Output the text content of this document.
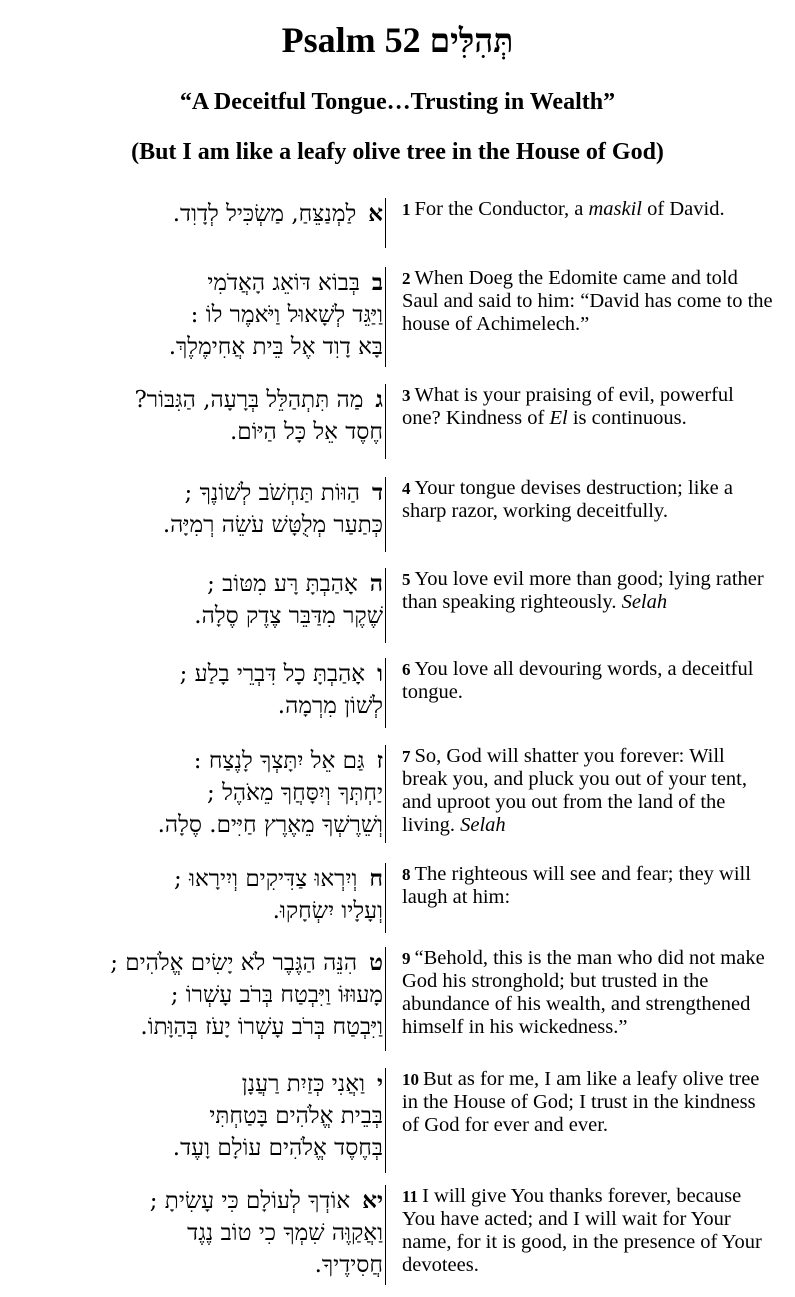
Psalm 52 תְּהִלִּים
“A Deceitful Tongue…Trusting in Wealth”
(But I am like a leafy olive tree in the House of God)
אלַמְנַצֵּחַ, מַשְׂכִּיל לְדָוִד.	1 For the Conductor, a maskil of David.
בבְּבוֹא דּוֹאֵג הָאֲדֹמִי
וַיַּגֵּד לְשָׁאוּל וַיֹּאמֶר לוֹ :
בָּא דָוִד אֶל בֵּית אֲחִימֶלֶךְ.
2 When Doeg the Edomite came and told Saul and said to him: “David has come to the house of Achimelech.”
גמַה תִּתְהַלֵּל בְּרָעָה, הַגִּבּוֹר?
חֶסֶד אֵל כָּל הַיּוֹם.
3 What is your praising of evil, powerful one? Kindness of El is continuous.
דהַוּוֹת תַּחְשֹׁב לְשׁוֹנֶךָ ;
כְּתַעַר מְלֻטָּשׁ עֹשֵׂה רְמִיָּה.
4 Your tongue devises destruction; like a sharp razor, working deceitfully.
האָהַבְתָּ רָּע מִטּוֹב ;
שֶׁקֶר מִדַּבֵּר צֶדֶק סֶלָה.
5 You love evil more than good; lying rather than speaking righteously. Selah
ואָהַבְתָּ כָל דִּבְרֵי בָלַע ;
לְשׁוֹן מִרְמָה.
6 You love all devouring words, a deceitful tongue.
זגַּם אֵל יִתָּצְךָ לָנֶצַח :
יַחְתְּךָ וְיִסָּחֲךָ מֵאֹהֶל ;
וְשֵׁרֶשְׁךָ מֵאֶרֶץ חַיִּים. סֶלָה.
7 So, God will shatter you forever: Will break you, and pluck you out of your tent, and uproot you out from the land of the living. Selah
חוְיִרְאוּ צַדִּיקִים וְיִירָאוּ ;
וְעָלָיו יִשְׂחָקוּ.
8 The righteous will see and fear; they will laugh at him:
טהִנֵּה הַגֶּבֶר לֹא יָשִׂים אֱלֹהִים ;
מָעוּזּוֹ וַיִּבְטַח בְּרֹב עָשְׁרוֹ ;
וַיִּבְטַח בְּרֹב עָשְׁרוֹ יָעֹז בְּהַוָּתוֹ.
9 “Behold, this is the man who did not make God his stronghold; but trusted in the abundance of his wealth, and strengthened himself in his wickedness.”
יוַאֲנִי כְּזַיִת רַעֲנָן
בְּבֵית אֱלֹהִים בָּטַחְתִּי
בְּחֶסֶד אֱלֹהִים עוֹלָם וָעֶד.
10 But as for me, I am like a leafy olive tree in the House of God; I trust in the kindness of God for ever and ever.
יאאוֹדְךָ לְעוֹלָם כִּי עָשִׂיתָ ;
וַאֲקַוֶּה שִׁמְךָ כִי טוֹב נֶגֶד
חֲסִידֶיךָ.
11 I will give You thanks forever, because You have acted; and I will wait for Your name, for it is good, in the presence of Your devotees.
